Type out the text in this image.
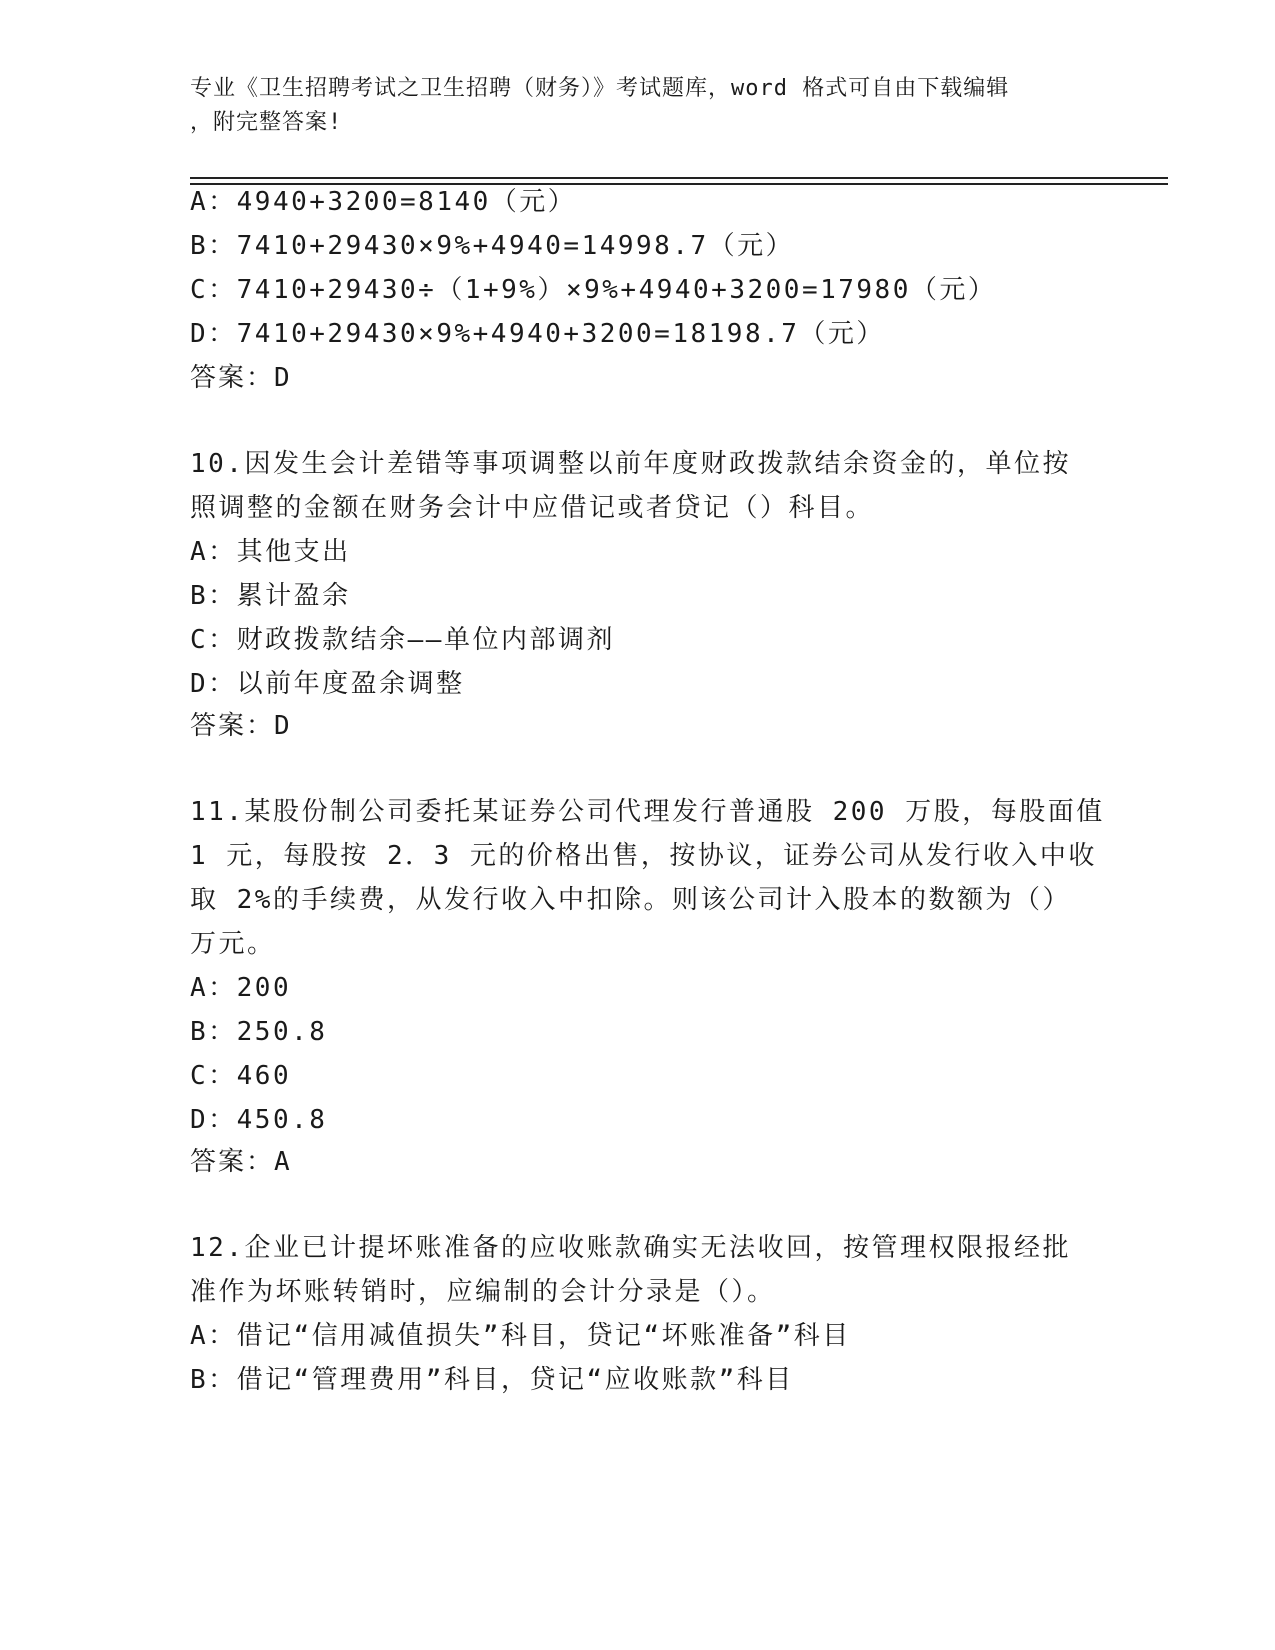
专业《卫生招聘考试之卫生招聘（财务）》考试题库，word 格式可自由下载编辑
，附完整答案!
A：4940+3200=8140（元）
B：7410+29430×9%+4940=14998.7（元）
C：7410+29430÷（1+9%）×9%+4940+3200=17980（元）
D：7410+29430×9%+4940+3200=18198.7（元）
答案：D
10.因发生会计差错等事项调整以前年度财政拨款结余资金的，单位按
照调整的金额在财务会计中应借记或者贷记（）科目。
A：其他支出
B：累计盈余
C：财政拨款结余——单位内部调剂
D：以前年度盈余调整
答案：D
11.某股份制公司委托某证券公司代理发行普通股 200 万股，每股面值
1 元，每股按 2．3 元的价格出售，按协议，证券公司从发行收入中收
取 2%的手续费，从发行收入中扣除。则该公司计入股本的数额为（）
万元。
A：200
B：250.8
C：460
D：450.8
答案：A
12.企业已计提坏账准备的应收账款确实无法收回，按管理权限报经批
准作为坏账转销时，应编制的会计分录是（）。
A：借记“信用减值损失”科目，贷记“坏账准备”科目
B：借记“管理费用”科目，贷记“应收账款”科目
